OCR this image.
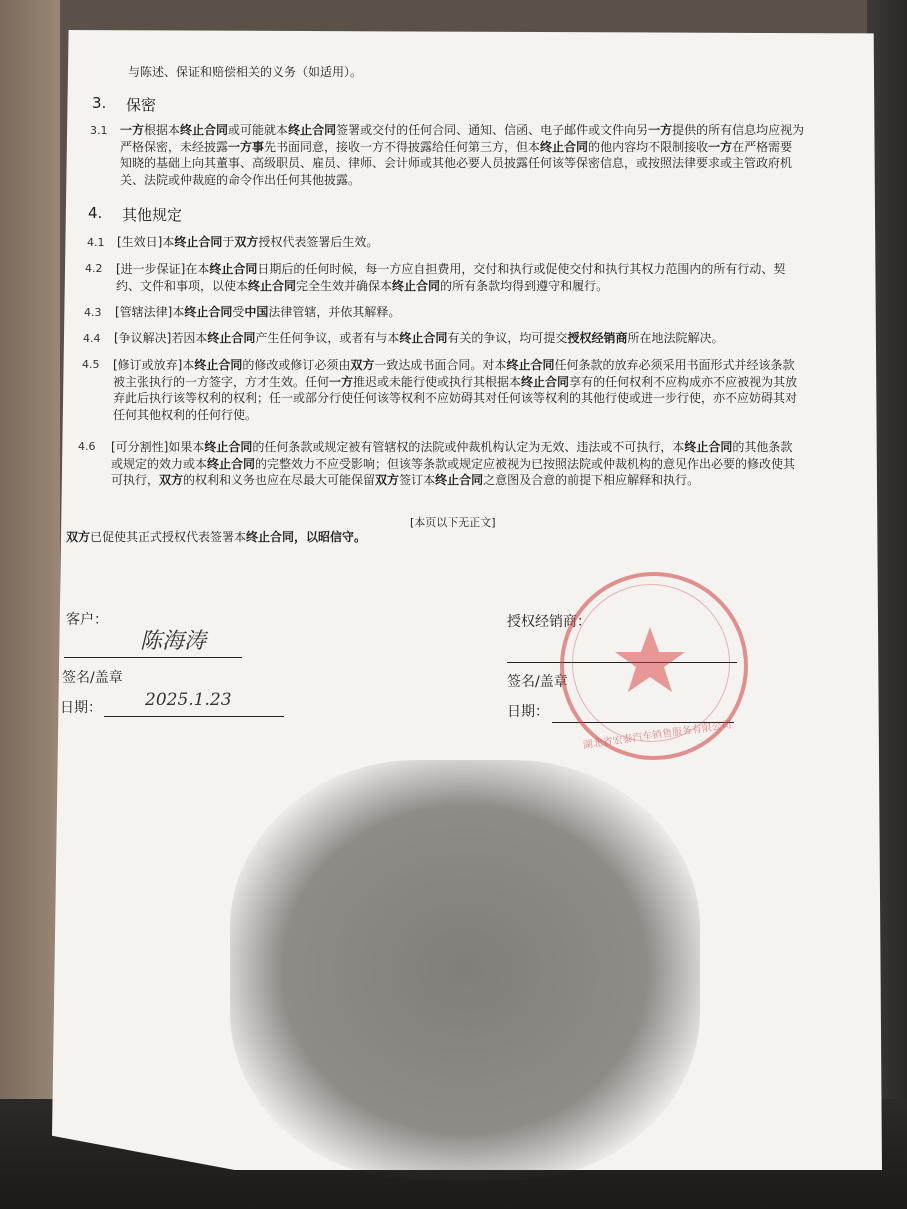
与陈述、保证和赔偿相关的义务（如适用）。
3. 保密
3.1 一方根据本终止合同或可能就本终止合同签署或交付的任何合同、通知、信函、电子邮件或文件向另一方提供的所有信息均应视为
严格保密，未经披露一方事先书面同意，接收一方不得披露给任何第三方，但本终止合同的他内容均不限制接收一方在严格需要
知晓的基础上向其董事、高级职员、雇员、律师、会计师或其他必要人员披露任何该等保密信息，或按照法律要求或主管政府机
关、法院或仲裁庭的命令作出任何其他披露。
4. 其他规定
4.1 [生效日]本终止合同于双方授权代表签署后生效。
4.2 [进一步保证]在本终止合同日期后的任何时候，每一方应自担费用，交付和执行或促使交付和执行其权力范围内的所有行动、契
约、文件和事项，以使本终止合同完全生效并确保本终止合同的所有条款均得到遵守和履行。
4.3 [管辖法律]本终止合同受中国法律管辖，并依其解释。
4.4 [争议解决]若因本终止合同产生任何争议，或者有与本终止合同有关的争议，均可提交授权经销商所在地法院解决。
4.5 [修订或放弃]本终止合同的修改或修订必须由双方一致达成书面合同。对本终止合同任何条款的放弃必须采用书面形式并经该条款
被主张执行的一方签字，方才生效。任何一方推迟或未能行使或执行其根据本终止合同享有的任何权利不应构成亦不应被视为其放
弃此后执行该等权利的权利；任一或部分行使任何该等权利不应妨碍其对任何该等权利的其他行使或进一步行使，亦不应妨碍其对
任何其他权利的任何行使。
4.6 [可分割性]如果本终止合同的任何条款或规定被有管辖权的法院或仲裁机构认定为无效、违法或不可执行，本终止合同的其他条款
或规定的效力或本终止合同的完整效力不应受影响；但该等条款或规定应被视为已按照法院或仲裁机构的意见作出必要的修改使其
可执行，双方的权利和义务也应在尽最大可能保留双方签订本终止合同之意图及合意的前提下相应解释和执行。
[本页以下无正文]
双方已促使其正式授权代表签署本终止合同，以昭信守。
客户：
陈海涛
签名/盖章
日期：	2025.1.23
授权经销商：
签名/盖章
日期：
湖北省宏泰汽车销售服务有限公司
